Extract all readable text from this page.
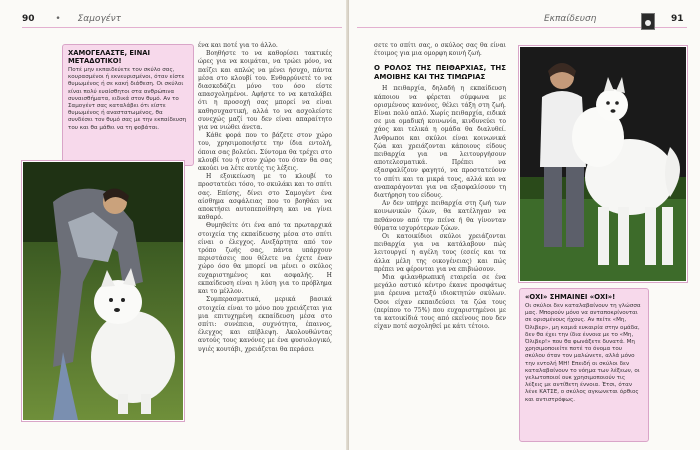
90 • Σαμογέντ
ΧΑΜΟΓΕΛΑΣΤΕ, ΕΙΝΑΙ ΜΕΤΑΔΟΤΙΚΟ!
Ποτέ μην εκπαιδεύετε τον σκύλο σας, κουρασμένοι ή εκνευρισμένοι, όταν είστε θυμωμένος ή σε κακή διάθεση. Οι σκύλοι είναι πολύ ευαίσθητοι στα ανθρώπινα συναισθήματα, ειδικά στον θυμό. Αν το Σαμογέντ σας καταλάβει ότι είστε θυμωμένος ή αναστατωμένος, θα συνδέσει τον θυμό σας με την εκπαίδευση του και θα μάθει να τη φοβάται.

ένα και ποτέ για το άλλο.

Βοηθήστε το να καθορίσει τακτικές ώρες για να κοιμάται, να τρώει μόνο, να παίζει και απλώς να μένει ήσυχο, πάντα μέσα στο κλουβί του. Ενθαρρύνετέ το να διασκεδάζει μόνο του όσο είστε απασχολημένοι. Αφήστε το να καταλάβει ότι η προσοχή σας μπορεί να είναι καθησυχαστική, αλλά το να ασχολείστε συνεχώς μαζί του δεν είναι απαραίτητο για να νιώθει άνετα.

Κάθε φορά που το βάζετε στον χώρο του, χρησιμοποιήστε την ίδια εντολή, όποια σας βολεύει. Σύντομα θα τρέχει στο κλουβί του ή στον χώρο του όταν θα σας ακούει να λέτε αυτές τις λέξεις.

Η εξοικείωση με το κλουβί το προστατεύει τόσο, το σκυλάκι και το σπίτι σας. Επίσης, δίνει στο Σαμογέντ ένα αίσθημα ασφάλειας που το βοηθάει να αποκτήσει αυτοπεποίθηση και να γίνει καθαρό.

Θυμηθείτε ότι ένα από τα πρωταρχικά στοιχεία της εκπαίδευσης μέσα στο σπίτι είναι ο έλεγχος. Ανεξάρτητα από τον τρόπο ζωής σας, πάντα υπάρχουν περιστάσεις που θέλετε να έχετε έναν χώρο όσο θα μπορεί να μένει ο σκύλος ευχαριστημένος και ασφαλής. Η εκπαίδευση είναι η λύση για το πρόβλημα και το μέλλον.

Συμπερασματικά, μερικά βασικά στοιχεία είναι το μόνο που χρειάζεται για μια επιτυχημένη εκπαίδευση μέσα στο σπίτι: συνέπεια, συχνότητα, έπαινος, έλεγχος και επίβλεψη. Ακολουθώντας αυτούς τους κανόνες με ένα φυσιολογικό, υγιές κουτάβι, χρειάζεται θα περάσει

Εκπαίδευση	91

σετε το σπίτι σας, ο σκύλος σας θα είναι έτοιμος για μια ομορφη κοινή ζωή.

Ο ΡΟΛΟΣ ΤΗΣ ΠΕΙΘΑΡΧΙΑΣ, ΤΗΣ ΑΜΟΙΒΗΣ ΚΑΙ ΤΗΣ ΤΙΜΩΡΙΑΣ

Η πειθαρχία, δηλαδή η εκπαίδευση κάποιου να φέρεται σύμφωνα με ορισμένους κανόνες, θέλει τάξη στη ζωή. Είναι πολύ απλό. Χωρίς πειθαρχία, ειδικά σε μια ομαδική κοινωνία, κινδυνεύει το χάος και τελικά η ομάδα θα διαλυθεί. Άνθρωποι και σκύλοι είναι κοινωνικά ζώα και χρειάζονται κάποιους είδους πειθαρχία για να λειτουργήσουν αποτελεσματικά. Πρέπει να εξασφαλίζουν φαγητό, να προστατεύουν το σπίτι και τα μικρά τους, αλλά και να αναπαράγονται για να εξασφαλίσουν τη διατήρηση του είδους.

Αν δεν υπήρχε πειθαρχία στη ζωή των κοινωνικών ζώων, θα κατέληγαν να πεθάνουν από την πείνα ή θα γίνονταν θύματα ισχυρότερων ζώων.

Οι κατοικίδιοι σκύλοι χρειάζονται πειθαρχία για να κατάλαβουν πώς λειτουργεί η αγέλη τους (εσείς και τα άλλα μέλη της οικογένειας) και πώς πρέπει να φέρονται για να επιβιώσουν.

Μια φιλανθρωπική εταιρεία σε ένα μεγάλο αστικό κέντρο έκανε προσφάτως μια έρευνα μεταξύ ιδιοκτητών σκύλων. Όσοι είχαν εκπαιδεύσει τα ζώα τους (περίπου το 75%) που ευχαριστημένοι με τα κατοικίδιά τους από εκείνους που δεν είχαν ποτέ ασχοληθεί με κάτι τέτοιο.

«ΟΧΙ» ΣΗΜΑΙΝΕΙ «ΟΧΙ»!
Οι σκύλοι δεν καταλαβαίνουν τη γλώσσα μας. Μπορούν μόνο να ανταποκρίνονται σε ορισμένους ήχους. Αν πείτε «Μη, Όλιβερ», μη καμιά ευκαιρία στην ομάδα, δεν θα έχει την ίδια έννοια με το «Μη, Όλιβερ!» που θα φωνάξετε δυνατά. Μη χρησιμοποιείτε ποτέ το όνομα του σκύλου όταν τον μαλώνετε, αλλά μόνο την εντολή ΜΗ! Επειδή οι σκύλοι δεν καταλαβαίνουν το νόημα των λέξεων, οι γελωτοποιοί ουκ χρησιμοποιούν τις λέξεις με αντίθετη έννοια. Έτσι, όταν λένε ΚΑΤΣΕ, ο σκύλος αγκωνεται όρθιος και αντιστρόφως.
